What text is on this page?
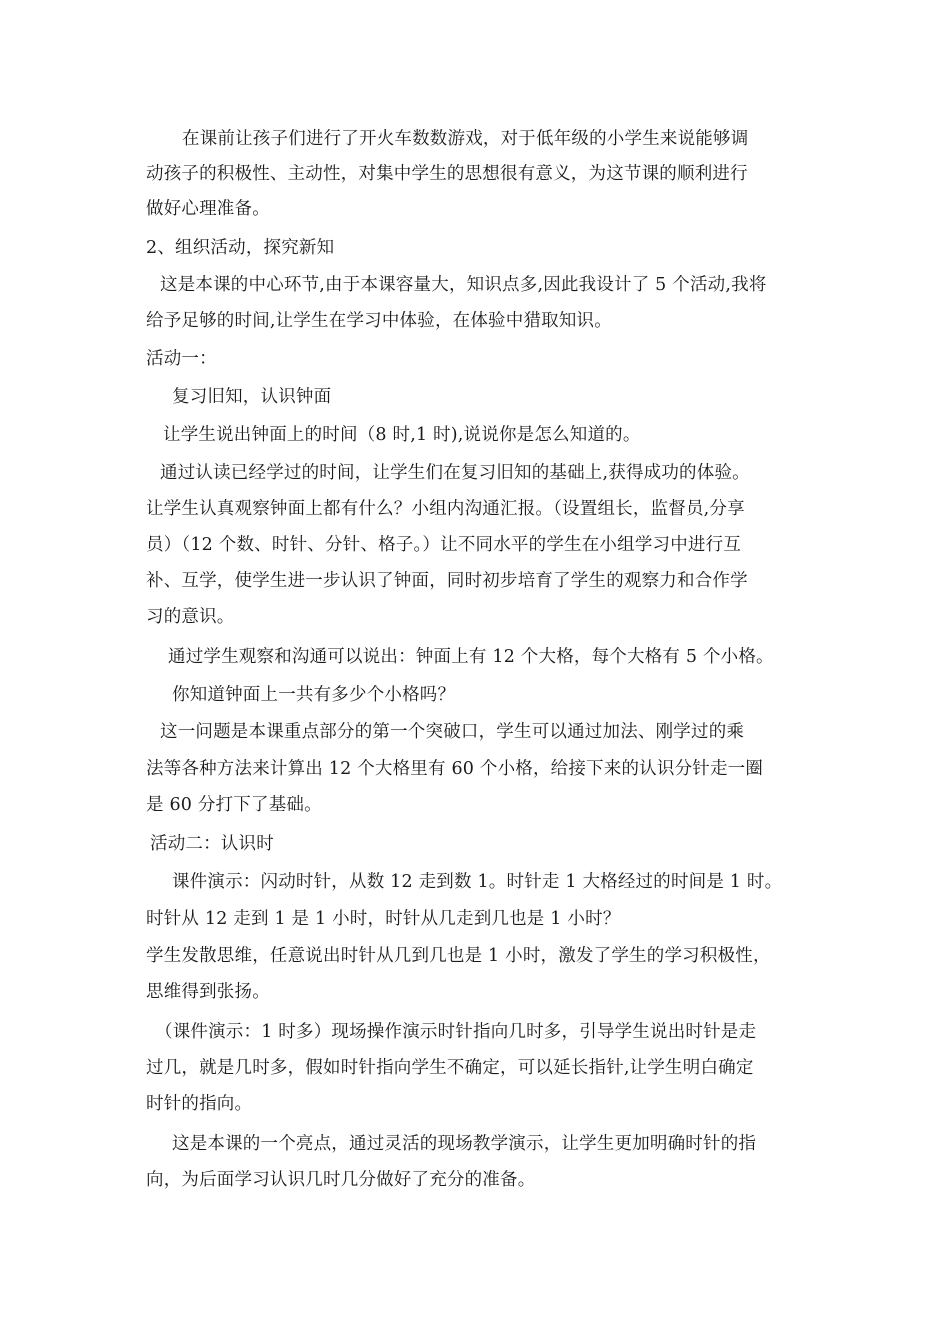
在课前让孩子们进行了开火车数数游戏，对于低年级的小学生来说能够调
动孩子的积极性、主动性，对集中学生的思想很有意义，为这节课的顺利进行
做好心理准备。
2、组织活动，探究新知
这是本课的中心环节,由于本课容量大，知识点多,因此我设计了 5 个活动,我将
给予足够的时间,让学生在学习中体验，在体验中猎取知识。
活动一：
复习旧知，认识钟面
让学生说出钟面上的时间（8 时,1 时),说说你是怎么知道的。
通过认读已经学过的时间，让学生们在复习旧知的基础上,获得成功的体验。
让学生认真观察钟面上都有什么？小组内沟通汇报。（设置组长，监督员,分享
员）（12 个数、时针、分针、格子。）让不同水平的学生在小组学习中进行互
补、互学，使学生进一步认识了钟面，同时初步培育了学生的观察力和合作学
习的意识。
通过学生观察和沟通可以说出：钟面上有 12 个大格，每个大格有 5 个小格。
你知道钟面上一共有多少个小格吗？
这一问题是本课重点部分的第一个突破口，学生可以通过加法、刚学过的乘
法等各种方法来计算出 12 个大格里有 60 个小格，给接下来的认识分针走一圈
是 60 分打下了基础。
活动二：认识时
课件演示：闪动时针，从数 12 走到数 1。时针走 1 大格经过的时间是 1 时。
时针从 12 走到 1 是 1 小时，时针从几走到几也是 1 小时？
学生发散思维，任意说出时针从几到几也是 1 小时，激发了学生的学习积极性，
思维得到张扬。
（课件演示：1 时多）现场操作演示时针指向几时多，引导学生说出时针是走
过几，就是几时多，假如时针指向学生不确定，可以延长指针,让学生明白确定
时针的指向。
这是本课的一个亮点，通过灵活的现场教学演示，让学生更加明确时针的指
向，为后面学习认识几时几分做好了充分的准备。
